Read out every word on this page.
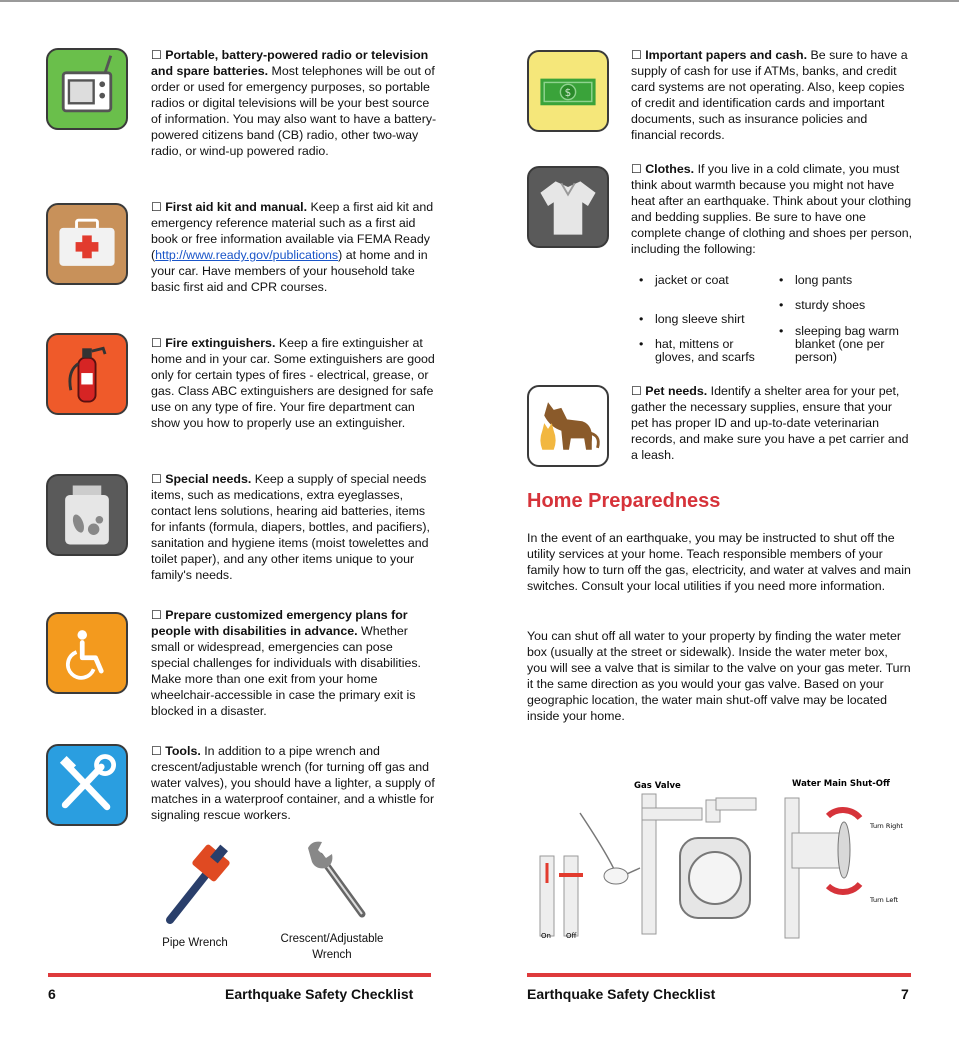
☐ Portable, battery-powered radio or television and spare batteries. Most telephones will be out of order or used for emergency purposes, so portable radios or digital televisions will be your best source of information. You may also want to have a battery-powered citizens band (CB) radio, other two-way radio, or wind-up powered radio.
☐ First aid kit and manual. Keep a first aid kit and emergency reference material such as a first aid book or free information available via FEMA Ready (http://www.ready.gov/publications) at home and in your car. Have members of your household take basic first aid and CPR courses.
☐ Fire extinguishers. Keep a fire extinguisher at home and in your car. Some extinguishers are good only for certain types of fires - electrical, grease, or gas. Class ABC extinguishers are designed for safe use on any type of fire. Your fire department can show you how to properly use an extinguisher.
☐ Special needs. Keep a supply of special needs items, such as medications, extra eyeglasses, contact lens solutions, hearing aid batteries, items for infants (formula, diapers, bottles, and pacifiers), sanitation and hygiene items (moist towelettes and toilet paper), and any other items unique to your family's needs.
☐ Prepare customized emergency plans for people with disabilities in advance. Whether small or widespread, emergencies can pose special challenges for individuals with disabilities. Make more than one exit from your home wheelchair-accessible in case the primary exit is blocked in a disaster.
☐ Tools. In addition to a pipe wrench and crescent/adjustable wrench (for turning off gas and water valves), you should have a lighter, a supply of matches in a waterproof container, and a whistle for signaling rescue workers.
Pipe Wrench	Crescent/Adjustable
Wrench
$
☐ Important papers and cash. Be sure to have a supply of cash for use if ATMs, banks, and credit card systems are not operating. Also, keep copies of credit and identification cards and important documents, such as insurance policies and financial records.
☐ Clothes. If you live in a cold climate, you must think about warmth because you might not have heat after an earthquake. Think about your clothing and bedding supplies. Be sure to have one complete change of clothing and shoes per person, including the following:
• jacket or coat
• long sleeve shirt
• hat, mittens or gloves, and scarfs
• long pants
• sturdy shoes
• sleeping bag warm blanket (one per person)
☐ Pet needs. Identify a shelter area for your pet, gather the necessary supplies, ensure that your pet has proper ID and up-to-date veterinarian records, and make sure you have a pet carrier and a leash.
Home Preparedness
In the event of an earthquake, you may be instructed to shut off the utility services at your home. Teach responsible members of your family how to turn off the gas, electricity, and water at valves and main switches. Consult your local utilities if you need more information.
You can shut off all water to your property by finding the water meter box (usually at the street or sidewalk). Inside the water meter box, you will see a valve that is similar to the valve on your gas meter. Turn it the same direction as you would your gas valve. Based on your geographic location, the water main shut-off valve may be located inside your home.
On Off
Gas Valve	Water Main Shut-Off
Turn Right
Turn Left
6	Earthquake Safety Checklist	Earthquake Safety Checklist	7
